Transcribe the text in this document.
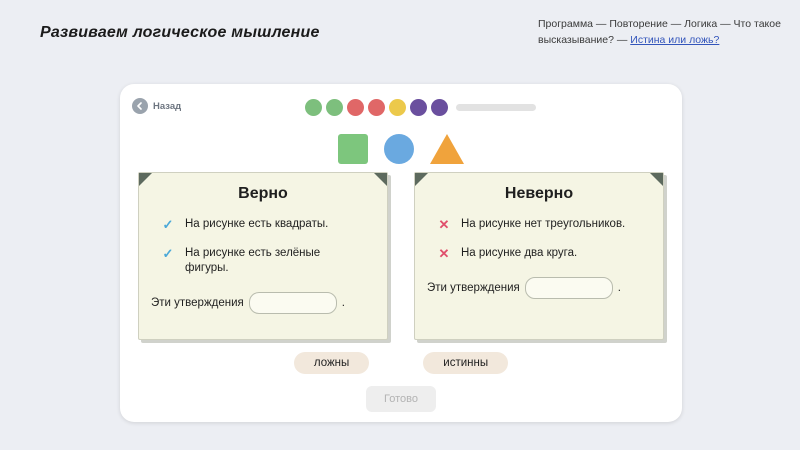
Развиваем логическое мышление	Программа — Повторение — Логика — Что такое высказывание? — Истина или ложь?
Назад
Верно
✓ На рисунке есть квадраты.
✓ На рисунке есть зелёные фигуры.
Эти утверждения	.
Неверно
✕ На рисунке нет треугольников.
✕ На рисунке два круга.
Эти утверждения	.
ложны	истинны
Готово
